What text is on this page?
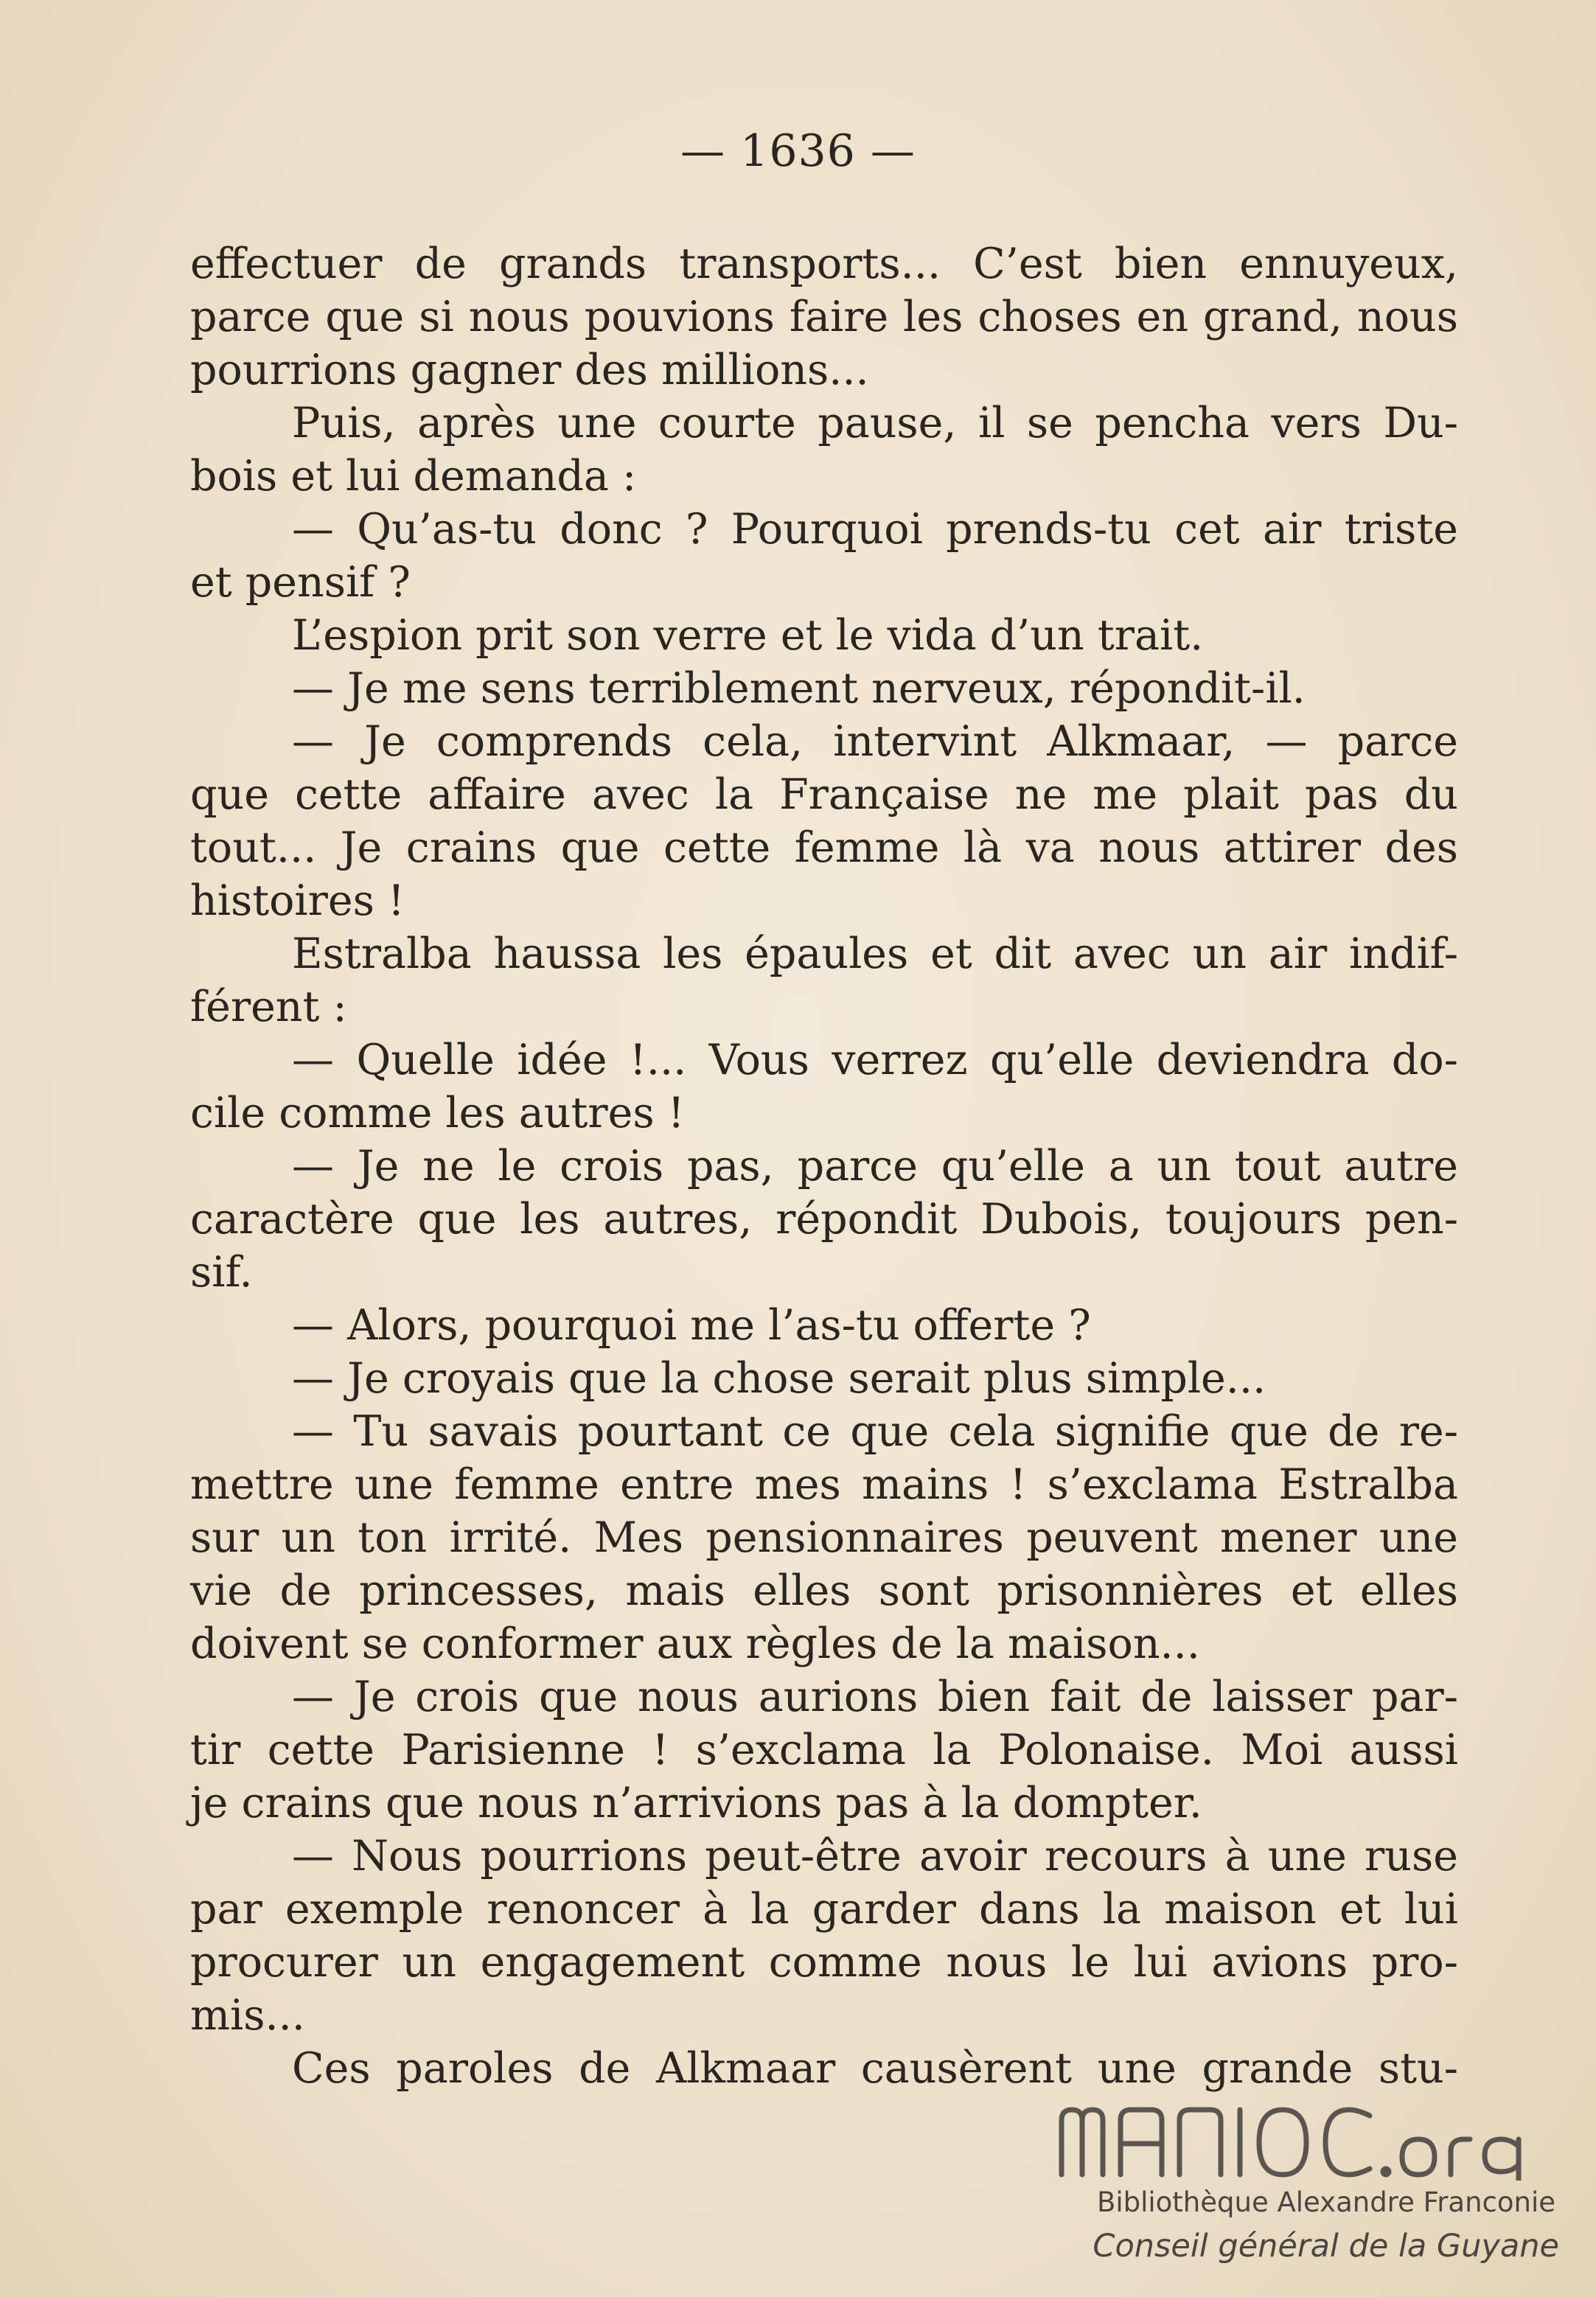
— 1636 —
effectuer de grands transports... C’est bien ennuyeux,
parce que si nous pouvions faire les choses en grand, nous
pourrions gagner des millions...
Puis, après une courte pause, il se pencha vers Du-
bois et lui demanda :
— Qu’as-tu donc ? Pourquoi prends-tu cet air triste
et pensif ?
L’espion prit son verre et le vida d’un trait.
— Je me sens terriblement nerveux, répondit-il.
— Je comprends cela, intervint Alkmaar, — parce
que cette affaire avec la Française ne me plait pas du
tout... Je crains que cette femme là va nous attirer des
histoires !
Estralba haussa les épaules et dit avec un air indif-
férent :
— Quelle idée !... Vous verrez qu’elle deviendra do-
cile comme les autres !
— Je ne le crois pas, parce qu’elle a un tout autre
caractère que les autres, répondit Dubois, toujours pen-
sif.
— Alors, pourquoi me l’as-tu offerte ?
— Je croyais que la chose serait plus simple...
— Tu savais pourtant ce que cela signifie que de re-
mettre une femme entre mes mains ! s’exclama Estralba
sur un ton irrité. Mes pensionnaires peuvent mener une
vie de princesses, mais elles sont prisonnières et elles
doivent se conformer aux règles de la maison...
— Je crois que nous aurions bien fait de laisser par-
tir cette Parisienne ! s’exclama la Polonaise. Moi aussi
je crains que nous n’arrivions pas à la dompter.
— Nous pourrions peut-être avoir recours à une ruse
par exemple renoncer à la garder dans la maison et lui
procurer un engagement comme nous le lui avions pro-
mis...
Ces paroles de Alkmaar causèrent une grande stu-
Bibliothèque Alexandre Franconie
Conseil général de la Guyane
